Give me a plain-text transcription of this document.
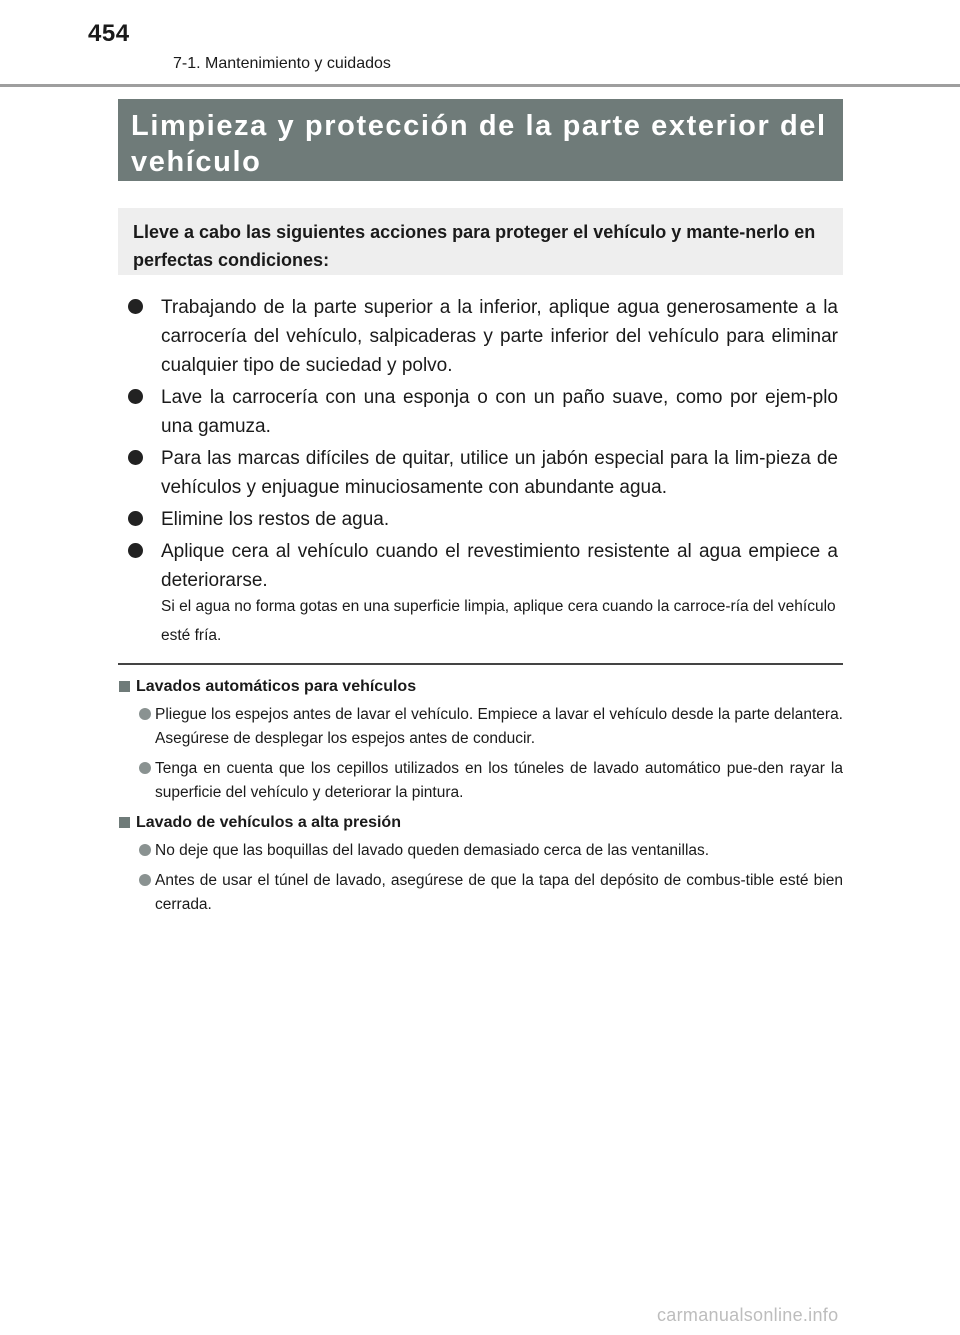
454
7-1. Mantenimiento y cuidados
Limpieza y protección de la parte exterior del vehículo

Lleve a cabo las siguientes acciones para proteger el vehículo y mante-nerlo en perfectas condiciones:

Trabajando de la parte superior a la inferior, aplique agua generosamente a la carrocería del vehículo, salpicaderas y parte inferior del vehículo para eliminar cualquier tipo de suciedad y polvo.
Lave la carrocería con una esponja o con un paño suave, como por ejem-plo una gamuza.
Para las marcas difíciles de quitar, utilice un jabón especial para la lim-pieza de vehículos y enjuague minuciosamente con abundante agua.
Elimine los restos de agua.
Aplique cera al vehículo cuando el revestimiento resistente al agua empiece a deteriorarse.

Si el agua no forma gotas en una superficie limpia, aplique cera cuando la carroce-ría del vehículo esté fría.

Lavados automáticos para vehículos
Pliegue los espejos antes de lavar el vehículo. Empiece a lavar el vehículo desde la parte delantera. Asegúrese de desplegar los espejos antes de conducir.
Tenga en cuenta que los cepillos utilizados en los túneles de lavado automático pue-den rayar la superficie del vehículo y deteriorar la pintura.
Lavado de vehículos a alta presión
No deje que las boquillas del lavado queden demasiado cerca de las ventanillas.
Antes de usar el túnel de lavado, asegúrese de que la tapa del depósito de combus-tible esté bien cerrada.
carmanualsonline.info
